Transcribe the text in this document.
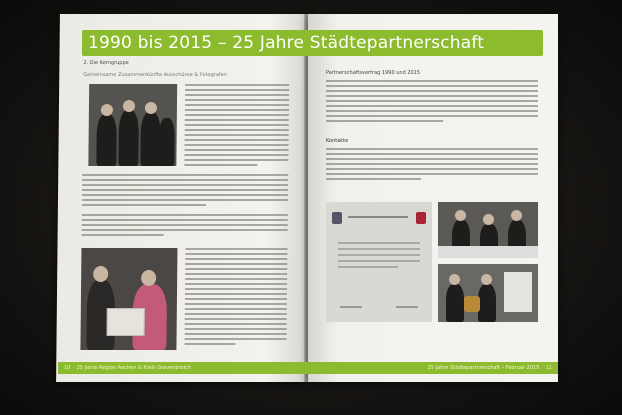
2. Die Kerngruppe
Gemeinsame Zusammenkünfte Ausschüsse & Fotografen	Partnerschaftsvertrag 1990 und 2015
Kontakte
1990 bis 2015 – 25 Jahre Städtepartnerschaft
10 25 Jahre Region Aachen & Kreis Grevenbroich	25 Jahre Städtepartnerschaft – Februar 2015 11
